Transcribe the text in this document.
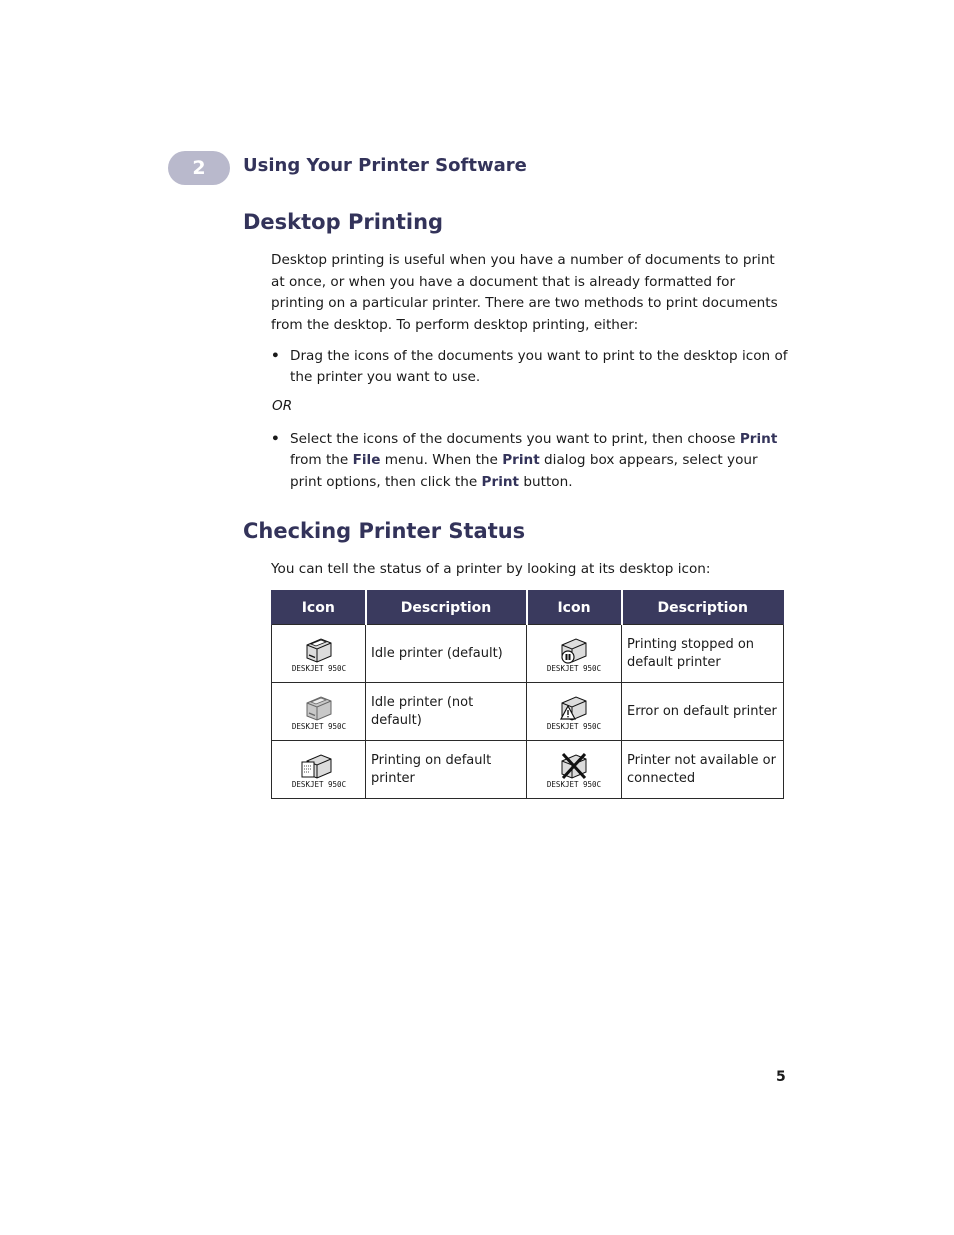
2	Using Your Printer Software
Desktop Printing

Desktop printing is useful when you have a number of documents to print at once, or when you have a document that is already formatted for printing on a particular printer. There are two methods to print documents from the desktop. To perform desktop printing, either:

• Drag the icons of the documents you want to print to the desktop icon of the printer you want to use.
OR
• Select the icons of the documents you want to print, then choose Print from the File menu. When the Print dialog box appears, select your print options, then click the Print button.
Checking Printer Status

You can tell the status of a printer by looking at its desktop icon:

Icon	Description	Icon	Description

DESKJET 950C	Idle printer (default)	DESKJET 950C	Printing stopped on default printer

DESKJET 950C	Idle printer (not default)	DESKJET 950C	Error on default printer

DESKJET 950C	Printing on default printer	DESKJET 950C	Printer not available or connected
5
